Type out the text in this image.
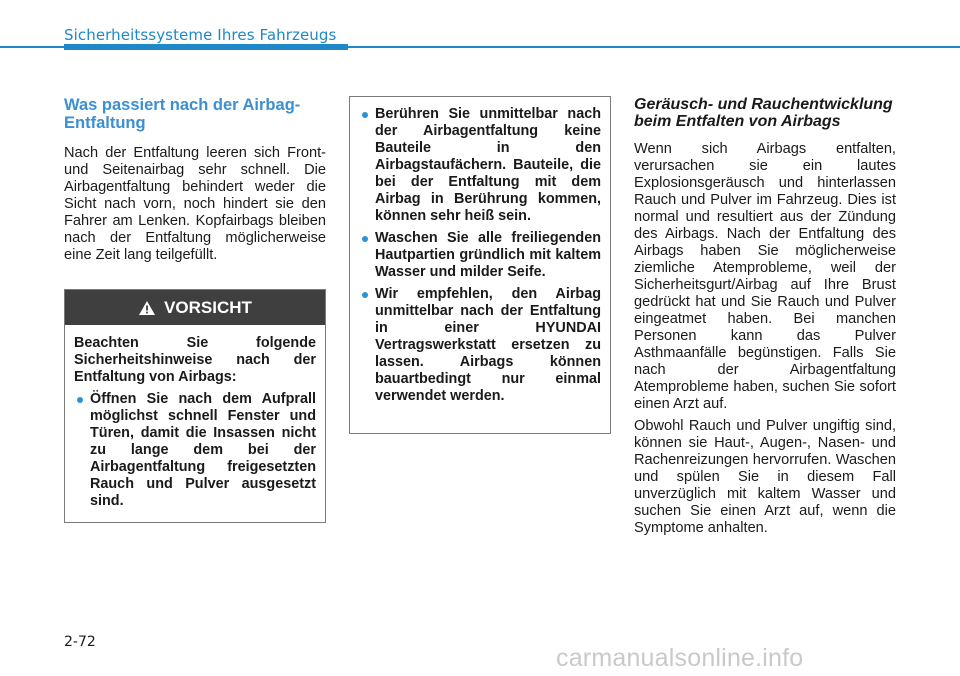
Sicherheitssysteme Ihres Fahrzeugs
Was passiert nach der Airbag-Entfaltung

Nach der Entfaltung leeren sich Front- und Seitenairbag sehr schnell. Die Airbagentfaltung behindert weder die Sicht nach vorn, noch hindert sie den Fahrer am Lenken. Kopfairbags bleiben nach der Entfaltung möglicherweise eine Zeit lang teilgefüllt.

VORSICHT

Beachten Sie folgende Sicherheitshinweise nach der Entfaltung von Airbags:

Öffnen Sie nach dem Aufprall möglichst schnell Fenster und Türen, damit die Insassen nicht zu lange dem bei der Airbagentfaltung freigesetzten Rauch und Pulver ausgesetzt sind.
Berühren Sie unmittelbar nach der Airbagentfaltung keine Bauteile in den Airbagstaufächern. Bauteile, die bei der Entfaltung mit dem Airbag in Berührung kommen, können sehr heiß sein.
Waschen Sie alle freiliegenden Hautpartien gründlich mit kaltem Wasser und milder Seife.
Wir empfehlen, den Airbag unmittelbar nach der Entfaltung in einer HYUNDAI Vertragswerkstatt ersetzen zu lassen. Airbags können bauartbedingt nur einmal verwendet werden.
Geräusch- und Rauchentwicklung beim Entfalten von Airbags

Wenn sich Airbags entfalten, verursachen sie ein lautes Explosionsgeräusch und hinterlassen Rauch und Pulver im Fahrzeug. Dies ist normal und resultiert aus der Zündung des Airbags. Nach der Entfaltung des Airbags haben Sie möglicherweise ziemliche Atemprobleme, weil der Sicherheitsgurt/Airbag auf Ihre Brust gedrückt hat und Sie Rauch und Pulver eingeatmet haben. Bei manchen Personen kann das Pulver Asthmaanfälle begünstigen. Falls Sie nach der Airbagentfaltung Atemprobleme haben, suchen Sie sofort einen Arzt auf.

Obwohl Rauch und Pulver ungiftig sind, können sie Haut-, Augen-, Nasen- und Rachenreizungen hervorrufen. Waschen und spülen Sie in diesem Fall unverzüglich mit kaltem Wasser und suchen Sie einen Arzt auf, wenn die Symptome anhalten.

2-72
carmanualsonline.info
